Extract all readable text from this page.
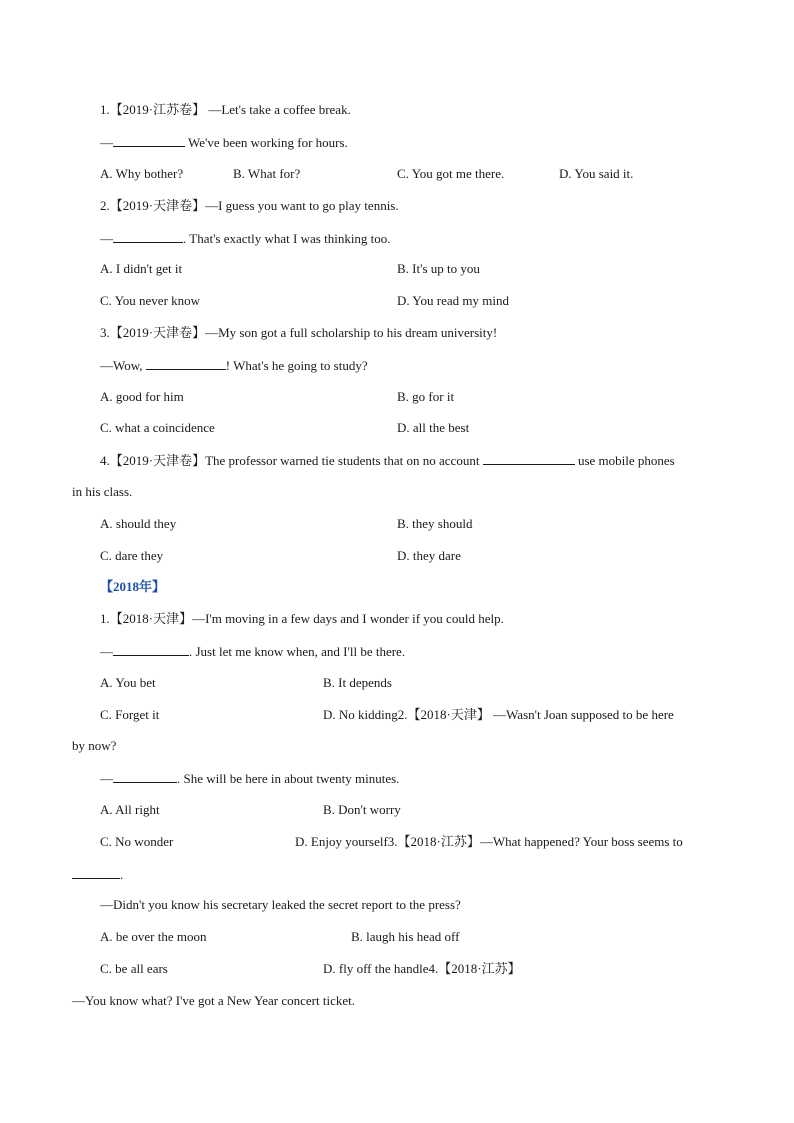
1.【2019·江苏卷】 —Let's take a coffee break.
—	We've been working for hours.
A. Why bother?	B. What for?	C. You got me there.	D. You said it.
2.【2019·天津卷】—I guess you want to go play tennis.
—	. That's exactly what I was thinking too.
A. I didn't get it	B. It's up to you
C. You never know	D. You read my mind
3.【2019·天津卷】—My son got a full scholarship to his dream university!
—Wow,	! What's he going to study?
A. good for him	B. go for it
C. what a coincidence	D. all the best
4.【2019·天津卷】The professor warned tie students that on no account	use mobile phones
in his class.
A. should they	B. they should
C. dare they	D. they dare
【2018年】
1.【2018·天津】—I'm moving in a few days and I wonder if you could help.
—	. Just let me know when, and I'll be there.
A. You bet	B. It depends
C. Forget it	D. No kidding2.【2018·天津】 —Wasn't Joan supposed to be here
by now?
—	. She will be here in about twenty minutes.
A. All right	B. Don't worry
C. No wonder	D. Enjoy yourself3.【2018·江苏】—What happened? Your boss seems to
.
—Didn't you know his secretary leaked the secret report to the press?
A. be over the moon	B. laugh his head off
C. be all ears	D. fly off the handle4.【2018·江苏】
—You know what? I've got a New Year concert ticket.
